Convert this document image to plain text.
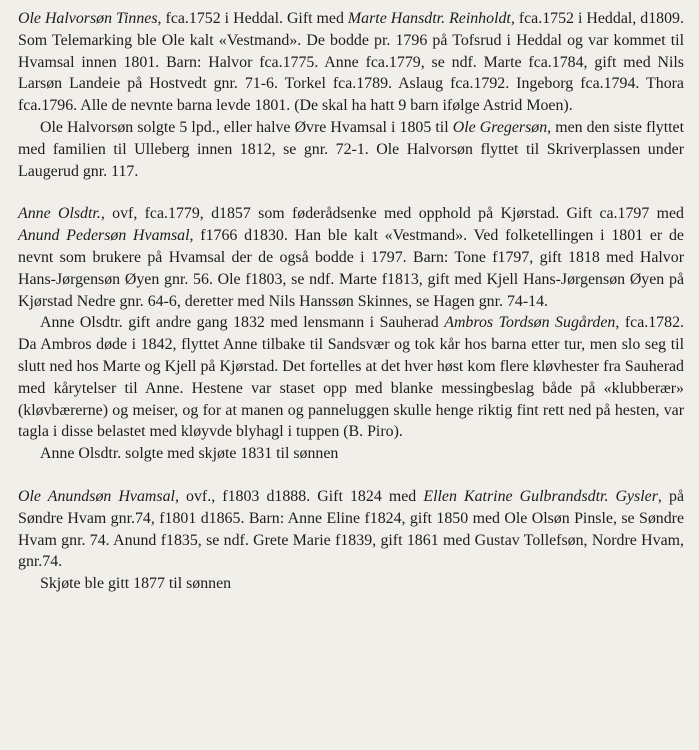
Ole Halvorsøn Tinnes, fca.1752 i Heddal. Gift med Marte Hansdtr. Reinholdt, fca.1752 i Heddal, d1809. Som Telemarking ble Ole kalt «Vestmand». De bodde pr. 1796 på Tofsrud i Heddal og var kommet til Hvamsal innen 1801. Barn: Halvor fca.1775. Anne fca.1779, se ndf. Marte fca.1784, gift med Nils Larsøn Landeie på Hostvedt gnr. 71-6. Torkel fca.1789. Aslaug fca.1792. Ingeborg fca.1794. Thora fca.1796. Alle de nevnte barna levde 1801. (De skal ha hatt 9 barn ifølge Astrid Moen).

Ole Halvorsøn solgte 5 lpd., eller halve Øvre Hvamsal i 1805 til Ole Gregersøn, men den siste flyttet med familien til Ulleberg innen 1812, se gnr. 72-1. Ole Halvorsøn flyttet til Skriverplassen under Laugerud gnr. 117.

Anne Olsdtr., ovf, fca.1779, d1857 som føderådsenke med opphold på Kjørstad. Gift ca.1797 med Anund Pedersøn Hvamsal, f1766 d1830. Han ble kalt «Vestmand». Ved folketellingen i 1801 er de nevnt som brukere på Hvamsal der de også bodde i 1797. Barn: Tone f1797, gift 1818 med Halvor Hans-Jørgensøn Øyen gnr. 56. Ole f1803, se ndf. Marte f1813, gift med Kjell Hans-Jørgensøn Øyen på Kjørstad Nedre gnr. 64-6, deretter med Nils Hanssøn Skinnes, se Hagen gnr. 74-14.

Anne Olsdtr. gift andre gang 1832 med lensmann i Sauherad Ambros Tordsøn Sugården, fca.1782. Da Ambros døde i 1842, flyttet Anne tilbake til Sandsvær og tok kår hos barna etter tur, men slo seg til slutt ned hos Marte og Kjell på Kjørstad. Det fortelles at det hver høst kom flere kløvhester fra Sauherad med kårytelser til Anne. Hestene var staset opp med blanke messingbeslag både på «klubberær» (kløvbærerne) og meiser, og for at manen og panneluggen skulle henge riktig fint rett ned på hesten, var tagla i disse belastet med kløyvde blyhagl i tuppen (B. Piro).

Anne Olsdtr. solgte med skjøte 1831 til sønnen

Ole Anundsøn Hvamsal, ovf., f1803 d1888. Gift 1824 med Ellen Katrine Gulbrandsdtr. Gysler, på Søndre Hvam gnr.74, f1801 d1865. Barn: Anne Eline f1824, gift 1850 med Ole Olsøn Pinsle, se Søndre Hvam gnr. 74. Anund f1835, se ndf. Grete Marie f1839, gift 1861 med Gustav Tollefsøn, Nordre Hvam, gnr.74.

Skjøte ble gitt 1877 til sønnen
